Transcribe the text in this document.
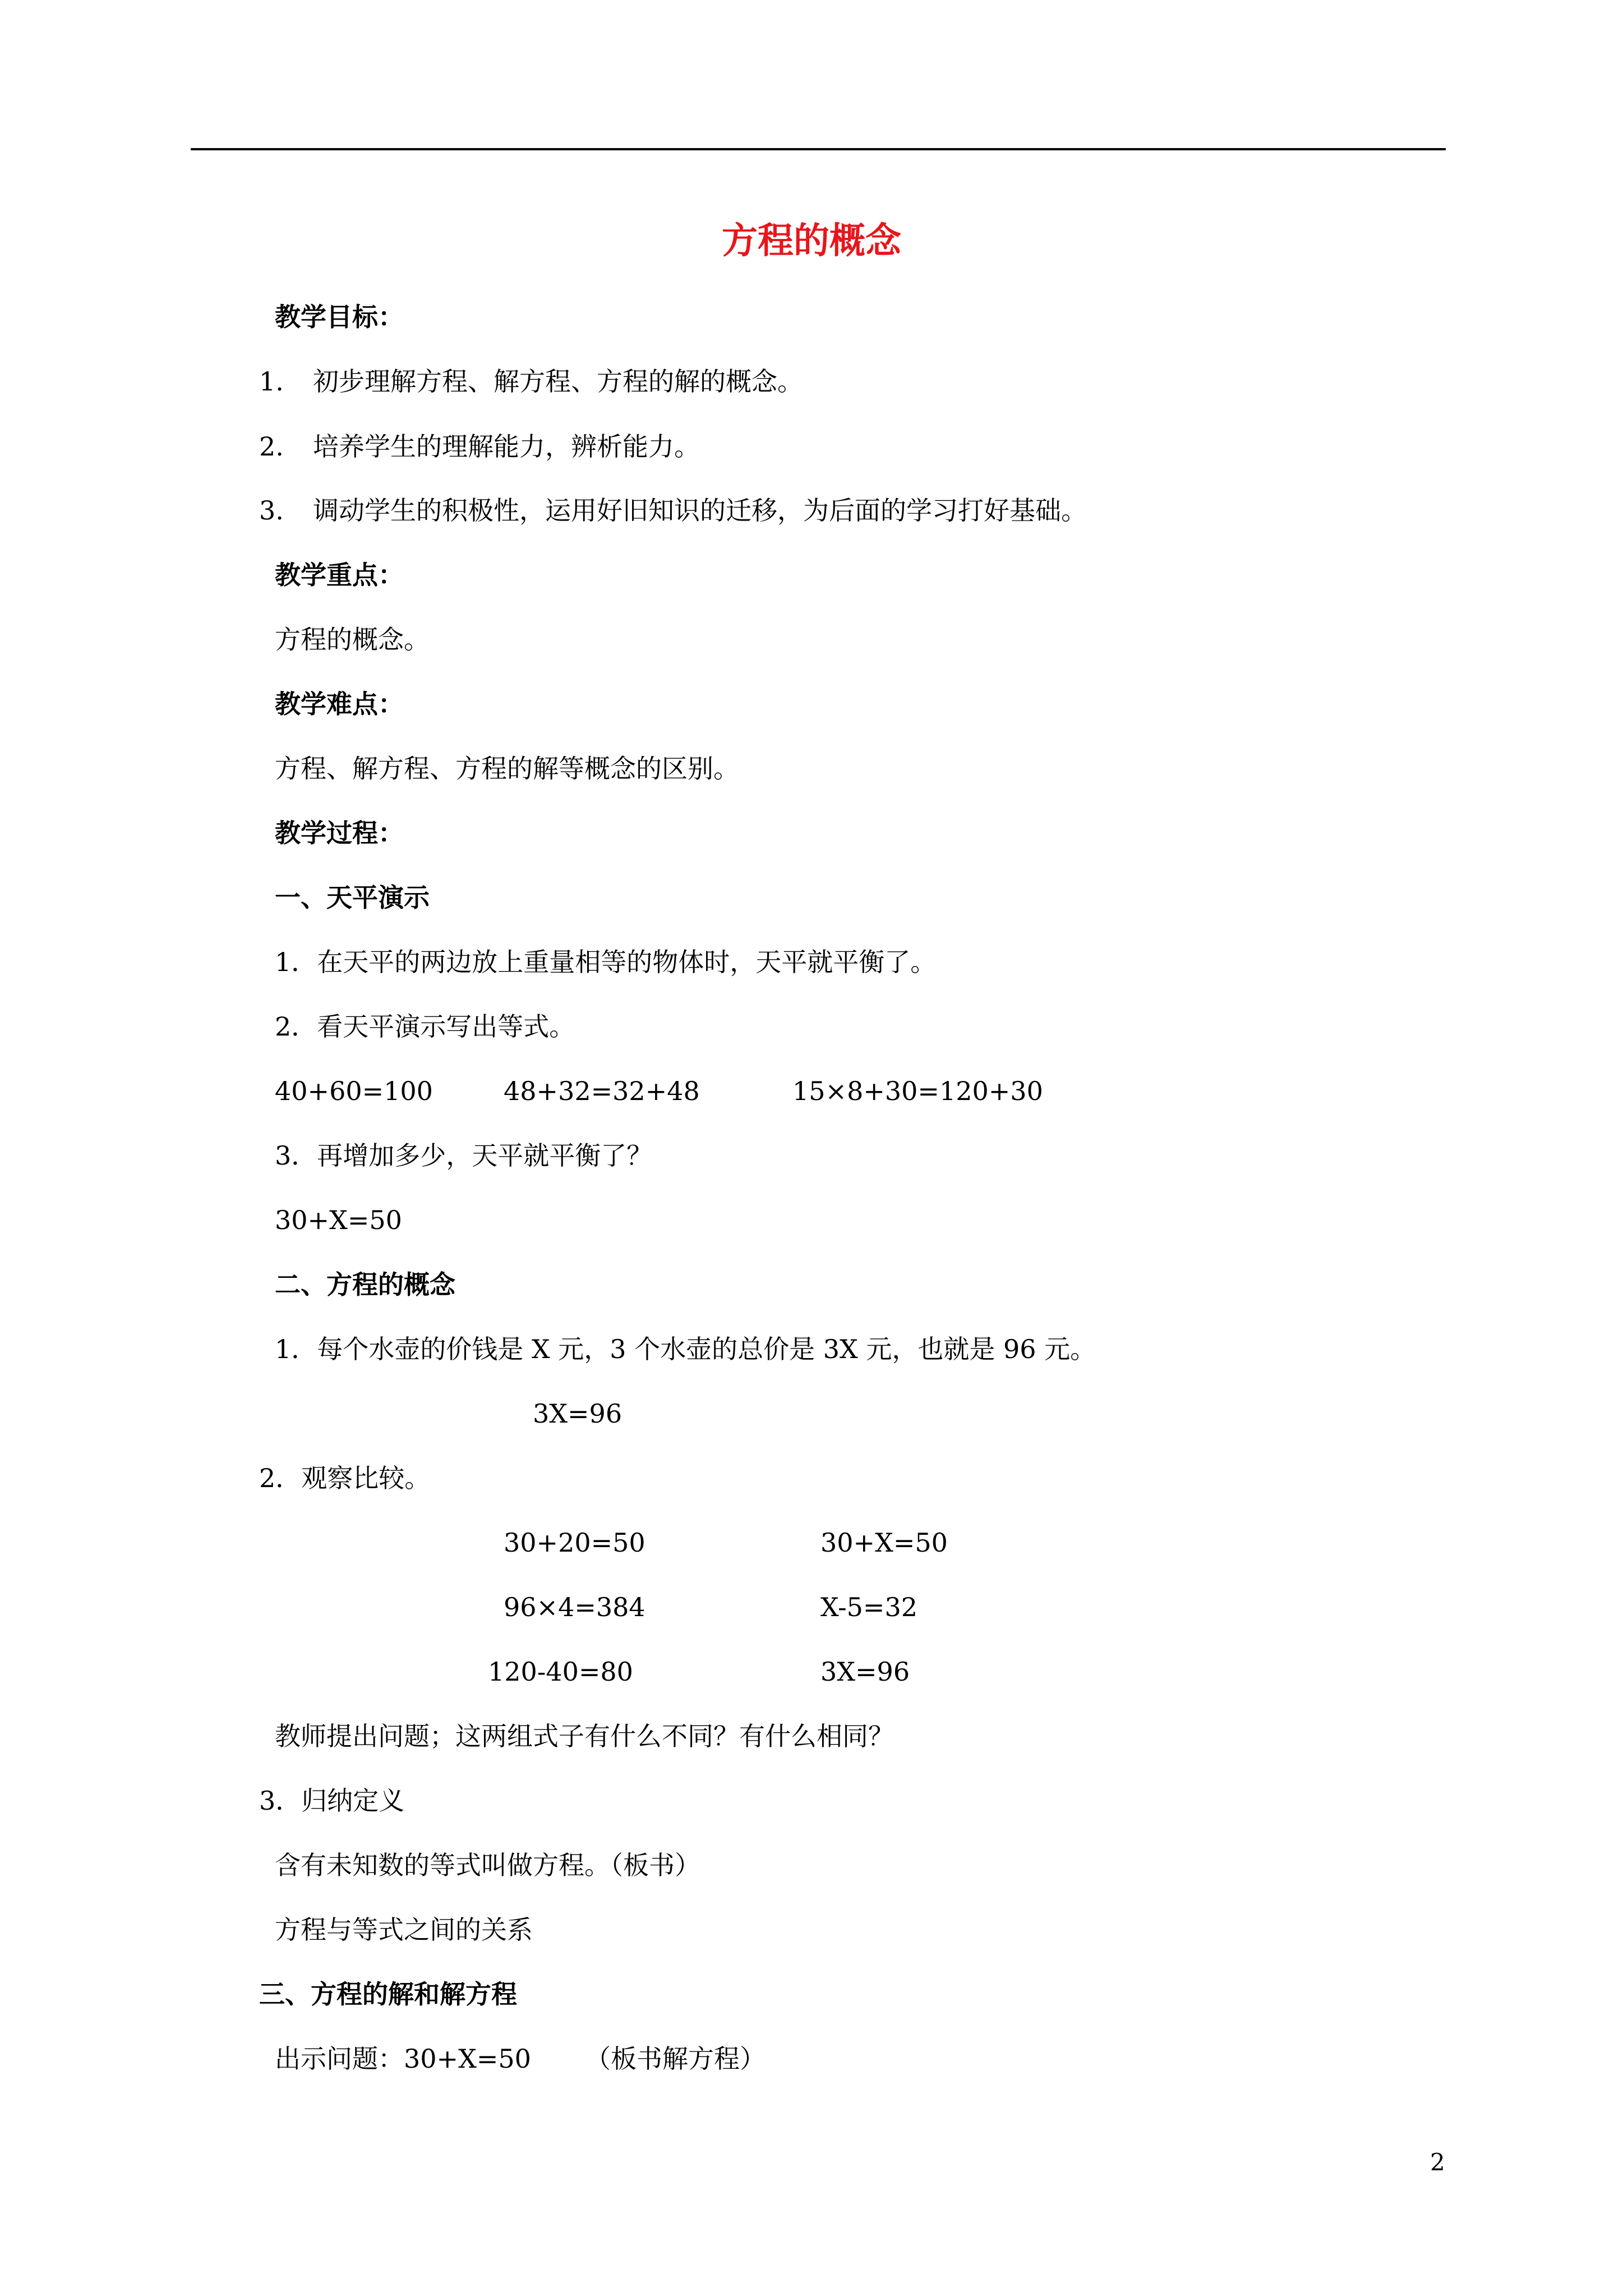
方程的概念
教学目标：
1. 初步理解方程、解方程、方程的解的概念。
2. 培养学生的理解能力，辨析能力。
3. 调动学生的积极性，运用好旧知识的迁移，为后面的学习打好基础。
教学重点：
方程的概念。
教学难点：
方程、解方程、方程的解等概念的区别。
教学过程：
一、天平演示
1．在天平的两边放上重量相等的物体时，天平就平衡了。
2．看天平演示写出等式。
40+60=100	48+32=32+48	15×8+30=120+30
3．再增加多少，天平就平衡了？
30+X=50
二、方程的概念
1．每个水壶的价钱是 X 元，3 个水壶的总价是 3X 元，也就是 96 元。
3X=96
2．观察比较。
30+20=50	30+X=50
96×4=384	X-5=32
120-40=80	3X=96
教师提出问题；这两组式子有什么不同？有什么相同？
3．归纳定义
含有未知数的等式叫做方程。（板书）
方程与等式之间的关系
三、方程的解和解方程
出示问题：30+X=50 （板书解方程）
2
